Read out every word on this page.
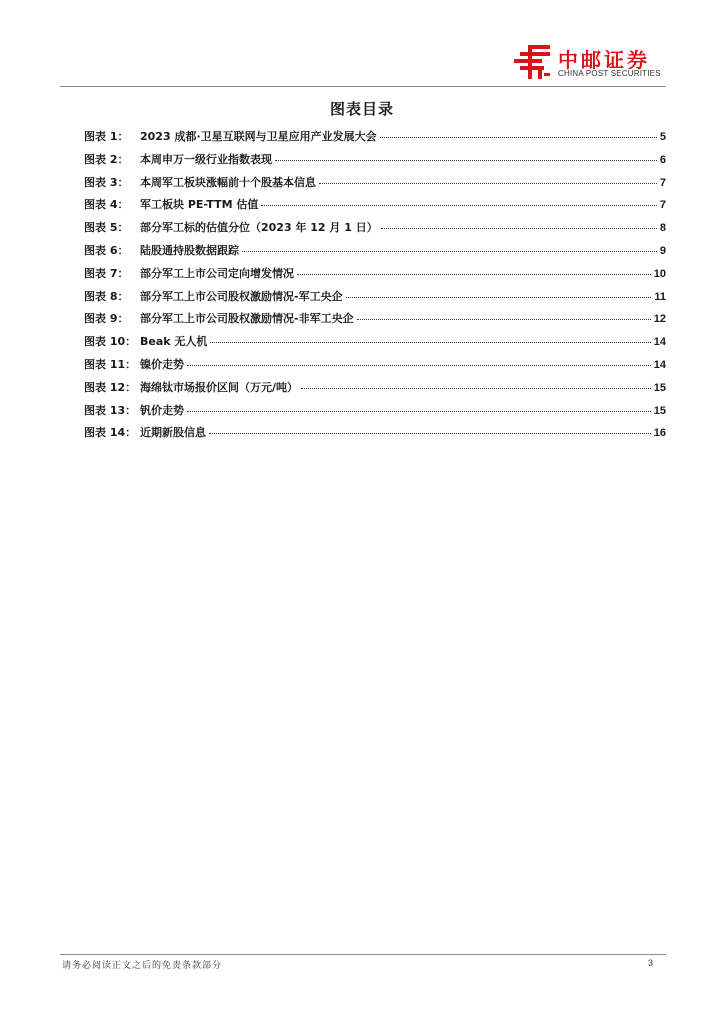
中邮证券
CHINA POST SECURITIES
图表目录
图表 1：	2023 成都·卫星互联网与卫星应用产业发展大会	5
图表 2：	本周申万一级行业指数表现	6
图表 3：	本周军工板块涨幅前十个股基本信息	7
图表 4：	军工板块 PE-TTM 估值	7
图表 5：	部分军工标的估值分位（2023 年 12 月 1 日）	8
图表 6：	陆股通持股数据跟踪	9
图表 7：	部分军工上市公司定向增发情况	10
图表 8：	部分军工上市公司股权激励情况-军工央企	11
图表 9：	部分军工上市公司股权激励情况-非军工央企	12
图表 10： Beak 无人机	14
图表 11： 镍价走势	14
图表 12： 海绵钛市场报价区间（万元/吨）	15
图表 13： 钒价走势	15
图表 14： 近期新股信息	16
请务必阅读正文之后的免责条款部分	3
